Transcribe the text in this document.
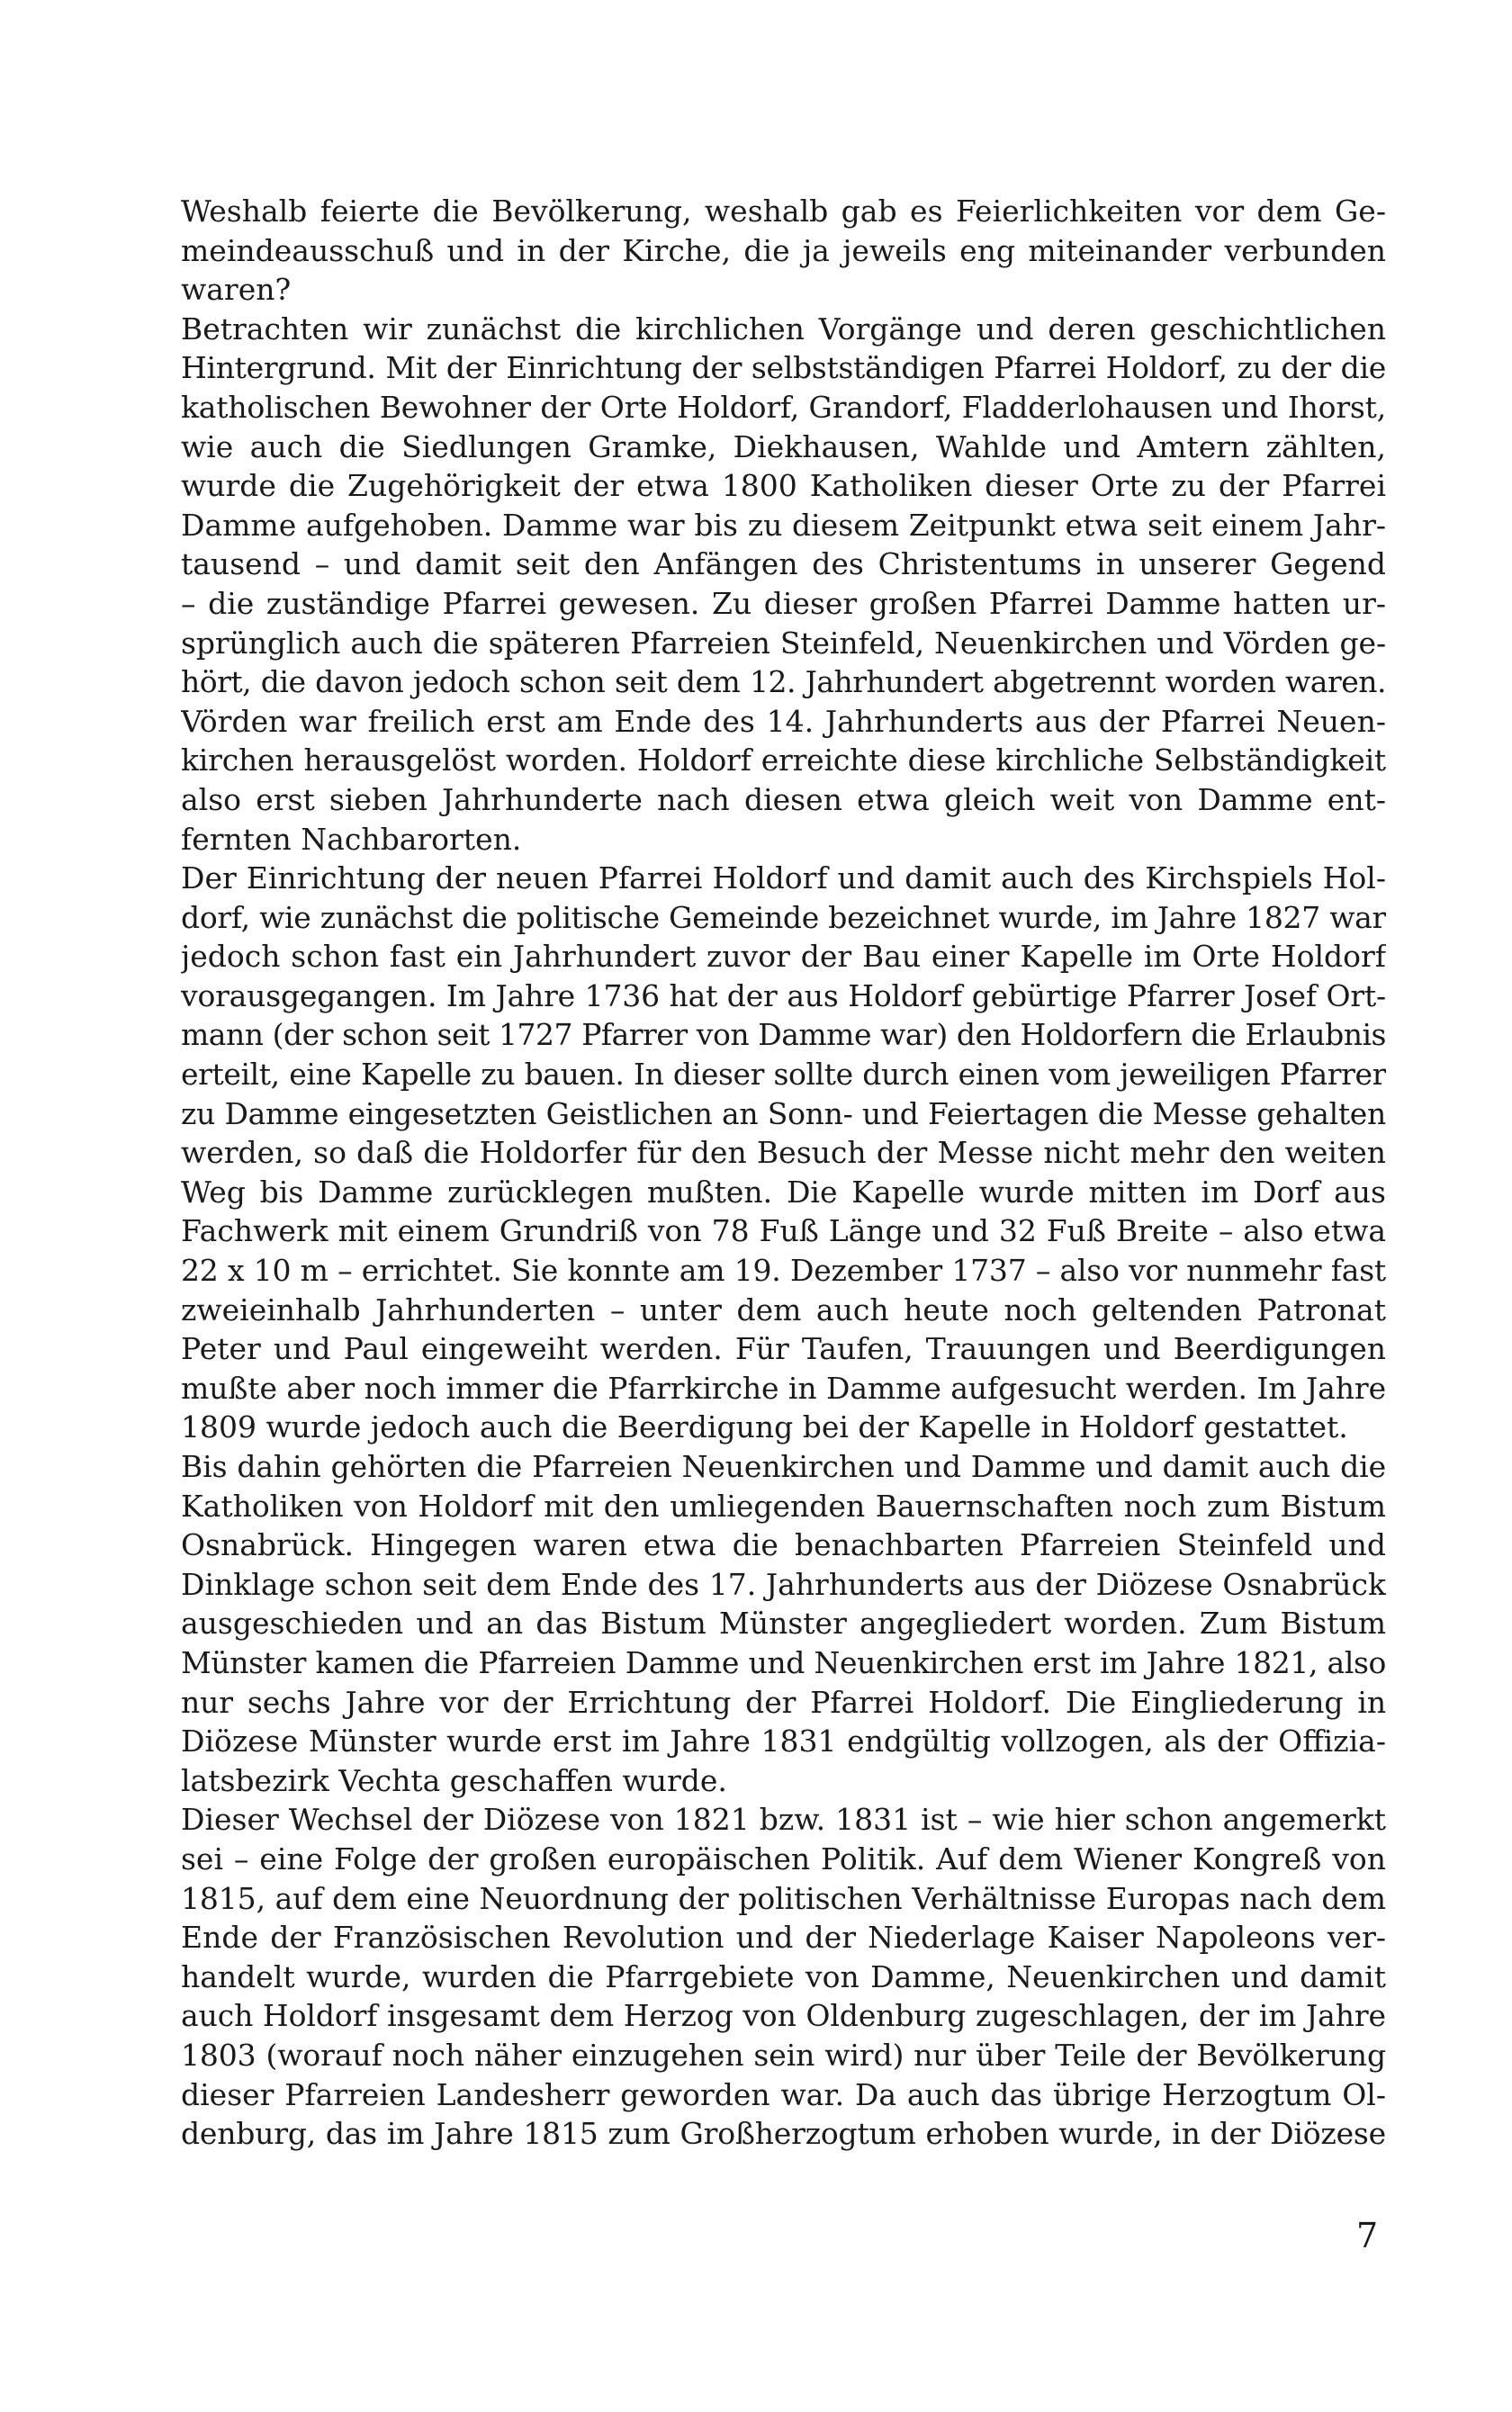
Weshalb feierte die Bevölkerung, weshalb gab es Feierlichkeiten vor dem Ge-
meindeausschuß und in der Kirche, die ja jeweils eng miteinander verbunden
waren?
Betrachten wir zunächst die kirchlichen Vorgänge und deren geschichtlichen
Hintergrund. Mit der Einrichtung der selbstständigen Pfarrei Holdorf, zu der die
katholischen Bewohner der Orte Holdorf, Grandorf, Fladderlohausen und Ihorst,
wie auch die Siedlungen Gramke, Diekhausen, Wahlde und Amtern zählten,
wurde die Zugehörigkeit der etwa 1800 Katholiken dieser Orte zu der Pfarrei
Damme aufgehoben. Damme war bis zu diesem Zeitpunkt etwa seit einem Jahr-
tausend – und damit seit den Anfängen des Christentums in unserer Gegend
– die zuständige Pfarrei gewesen. Zu dieser großen Pfarrei Damme hatten ur-
sprünglich auch die späteren Pfarreien Steinfeld, Neuenkirchen und Vörden ge-
hört, die davon jedoch schon seit dem 12. Jahrhundert abgetrennt worden waren.
Vörden war freilich erst am Ende des 14. Jahrhunderts aus der Pfarrei Neuen-
kirchen herausgelöst worden. Holdorf erreichte diese kirchliche Selbständigkeit
also erst sieben Jahrhunderte nach diesen etwa gleich weit von Damme ent-
fernten Nachbarorten.
Der Einrichtung der neuen Pfarrei Holdorf und damit auch des Kirchspiels Hol-
dorf, wie zunächst die politische Gemeinde bezeichnet wurde, im Jahre 1827 war
jedoch schon fast ein Jahrhundert zuvor der Bau einer Kapelle im Orte Holdorf
vorausgegangen. Im Jahre 1736 hat der aus Holdorf gebürtige Pfarrer Josef Ort-
mann (der schon seit 1727 Pfarrer von Damme war) den Holdorfern die Erlaubnis
erteilt, eine Kapelle zu bauen. In dieser sollte durch einen vom jeweiligen Pfarrer
zu Damme eingesetzten Geistlichen an Sonn- und Feiertagen die Messe gehalten
werden, so daß die Holdorfer für den Besuch der Messe nicht mehr den weiten
Weg bis Damme zurücklegen mußten. Die Kapelle wurde mitten im Dorf aus
Fachwerk mit einem Grundriß von 78 Fuß Länge und 32 Fuß Breite – also etwa
22 x 10 m – errichtet. Sie konnte am 19. Dezember 1737 – also vor nunmehr fast
zweieinhalb Jahrhunderten – unter dem auch heute noch geltenden Patronat
Peter und Paul eingeweiht werden. Für Taufen, Trauungen und Beerdigungen
mußte aber noch immer die Pfarrkirche in Damme aufgesucht werden. Im Jahre
1809 wurde jedoch auch die Beerdigung bei der Kapelle in Holdorf gestattet.
Bis dahin gehörten die Pfarreien Neuenkirchen und Damme und damit auch die
Katholiken von Holdorf mit den umliegenden Bauernschaften noch zum Bistum
Osnabrück. Hingegen waren etwa die benachbarten Pfarreien Steinfeld und
Dinklage schon seit dem Ende des 17. Jahrhunderts aus der Diözese Osnabrück
ausgeschieden und an das Bistum Münster angegliedert worden. Zum Bistum
Münster kamen die Pfarreien Damme und Neuenkirchen erst im Jahre 1821, also
nur sechs Jahre vor der Errichtung der Pfarrei Holdorf. Die Eingliederung in
Diözese Münster wurde erst im Jahre 1831 endgültig vollzogen, als der Offizia-
latsbezirk Vechta geschaffen wurde.
Dieser Wechsel der Diözese von 1821 bzw. 1831 ist – wie hier schon angemerkt
sei – eine Folge der großen europäischen Politik. Auf dem Wiener Kongreß von
1815, auf dem eine Neuordnung der politischen Verhältnisse Europas nach dem
Ende der Französischen Revolution und der Niederlage Kaiser Napoleons ver-
handelt wurde, wurden die Pfarrgebiete von Damme, Neuenkirchen und damit
auch Holdorf insgesamt dem Herzog von Oldenburg zugeschlagen, der im Jahre
1803 (worauf noch näher einzugehen sein wird) nur über Teile der Bevölkerung
dieser Pfarreien Landesherr geworden war. Da auch das übrige Herzogtum Ol-
denburg, das im Jahre 1815 zum Großherzogtum erhoben wurde, in der Diözese
7
